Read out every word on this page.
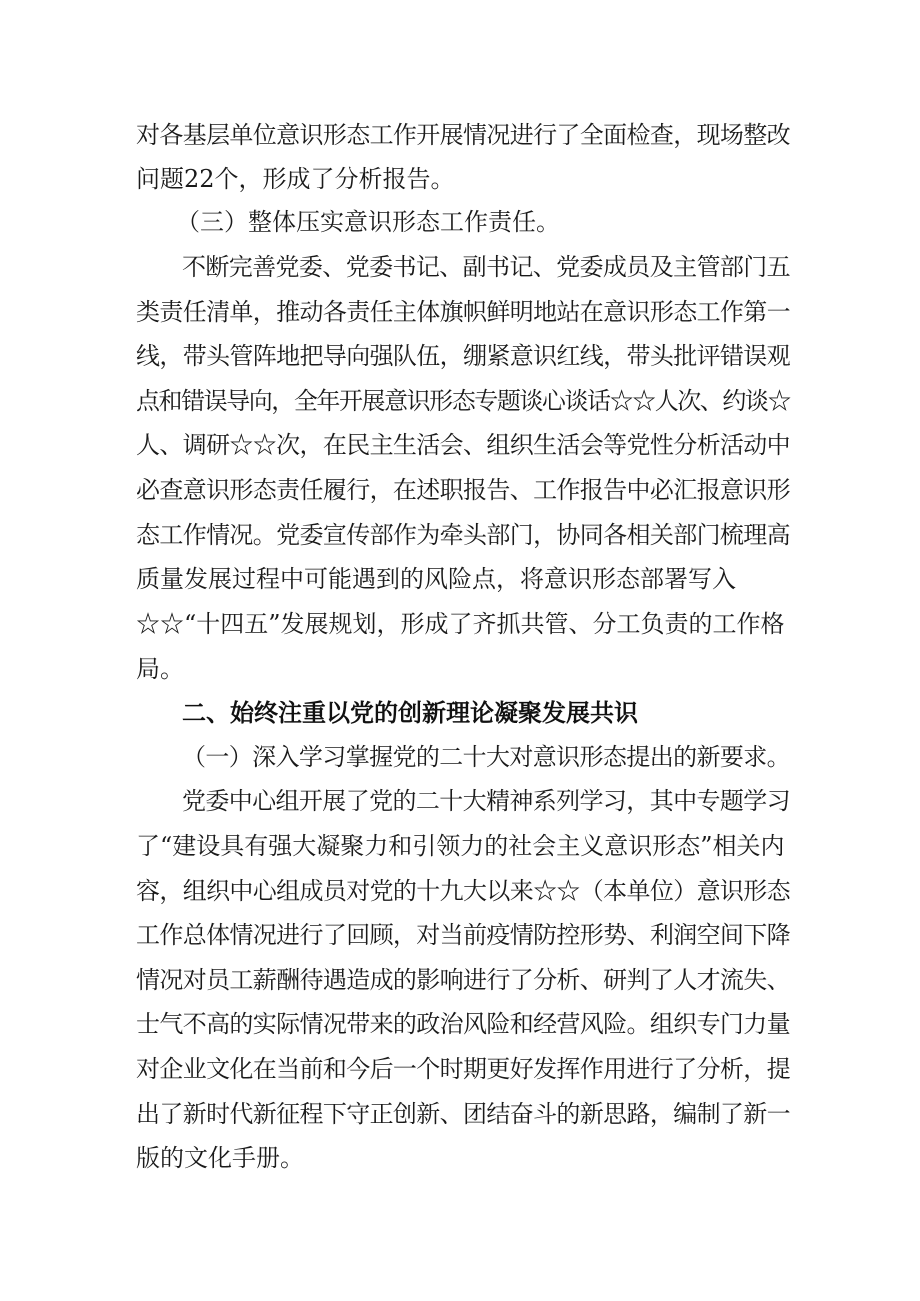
对各基层单位意识形态工作开展情况进行了全面检查，现场整改
问题22个，形成了分析报告。
（三）整体压实意识形态工作责任。
不断完善党委、党委书记、副书记、党委成员及主管部门五
类责任清单，推动各责任主体旗帜鲜明地站在意识形态工作第一
线，带头管阵地把导向强队伍，绷紧意识红线，带头批评错误观
点和错误导向，全年开展意识形态专题谈心谈话☆☆人次、约谈☆
人、调研☆☆次，在民主生活会、组织生活会等党性分析活动中
必查意识形态责任履行，在述职报告、工作报告中必汇报意识形
态工作情况。党委宣传部作为牵头部门，协同各相关部门梳理高
质量发展过程中可能遇到的风险点，将意识形态部署写入
☆☆“十四五”发展规划，形成了齐抓共管、分工负责的工作格
局。
二、始终注重以党的创新理论凝聚发展共识
（一）深入学习掌握党的二十大对意识形态提出的新要求。
党委中心组开展了党的二十大精神系列学习，其中专题学习
了“建设具有强大凝聚力和引领力的社会主义意识形态”相关内
容，组织中心组成员对党的十九大以来☆☆（本单位）意识形态
工作总体情况进行了回顾，对当前疫情防控形势、利润空间下降
情况对员工薪酬待遇造成的影响进行了分析、研判了人才流失、
士气不高的实际情况带来的政治风险和经营风险。组织专门力量
对企业文化在当前和今后一个时期更好发挥作用进行了分析，提
出了新时代新征程下守正创新、团结奋斗的新思路，编制了新一
版的文化手册。
